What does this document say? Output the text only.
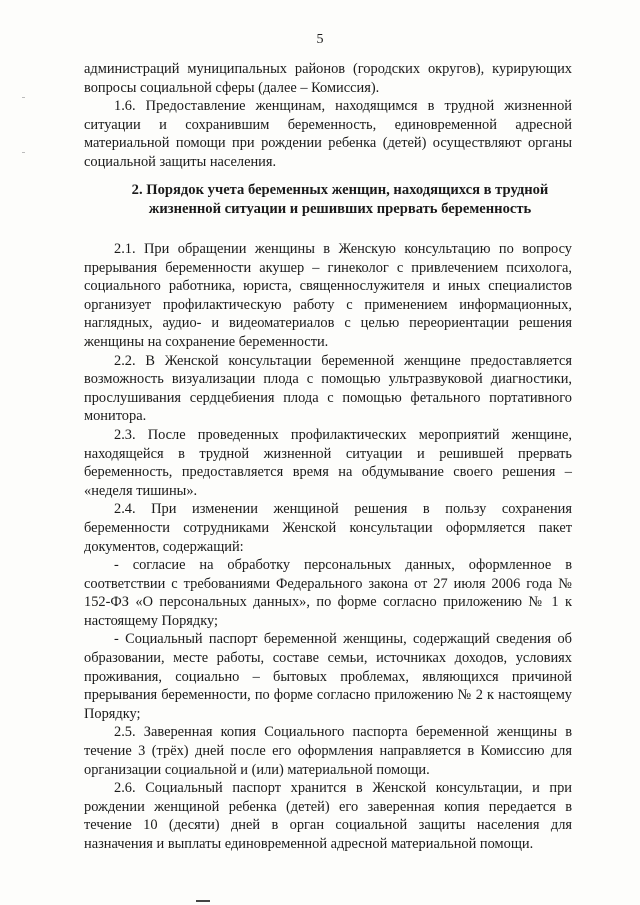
5

администраций муниципальных районов (городских округов), курирующих вопросы социальной сферы (далее – Комиссия).

1.6. Предоставление женщинам, находящимся в трудной жизненной ситуации и сохранившим беременность, единовременной адресной материальной помощи при рождении ребенка (детей) осуществляют органы социальной защиты населения.

2. Порядок учета беременных женщин, находящихся в трудной жизненной ситуации и решивших прервать беременность

2.1. При обращении женщины в Женскую консультацию по вопросу прерывания беременности акушер – гинеколог с привлечением психолога, социального работника, юриста, священнослужителя и иных специалистов организует профилактическую работу с применением информационных, наглядных, аудио- и видеоматериалов с целью переориентации решения женщины на сохранение беременности.

2.2. В Женской консультации беременной женщине предоставляется возможность визуализации плода с помощью ультразвуковой диагностики, прослушивания сердцебиения плода с помощью фетального портативного монитора.

2.3. После проведенных профилактических мероприятий женщине, находящейся в трудной жизненной ситуации и решившей прервать беременность, предоставляется время на обдумывание своего решения – «неделя тишины».

2.4. При изменении женщиной решения в пользу сохранения беременности сотрудниками Женской консультации оформляется пакет документов, содержащий:

- согласие на обработку персональных данных, оформленное в соответствии с требованиями Федерального закона от 27 июля 2006 года № 152-ФЗ «О персональных данных», по форме согласно приложению № 1 к настоящему Порядку;

- Социальный паспорт беременной женщины, содержащий сведения об образовании, месте работы, составе семьи, источниках доходов, условиях проживания, социально – бытовых проблемах, являющихся причиной прерывания беременности, по форме согласно приложению № 2 к настоящему Порядку;

2.5. Заверенная копия Социального паспорта беременной женщины в течение 3 (трёх) дней после его оформления направляется в Комиссию для организации социальной и (или) материальной помощи.

2.6. Социальный паспорт хранится в Женской консультации, и при рождении женщиной ребенка (детей) его заверенная копия передается в течение 10 (десяти) дней в орган социальной защиты населения для назначения и выплаты единовременной адресной материальной помощи.
